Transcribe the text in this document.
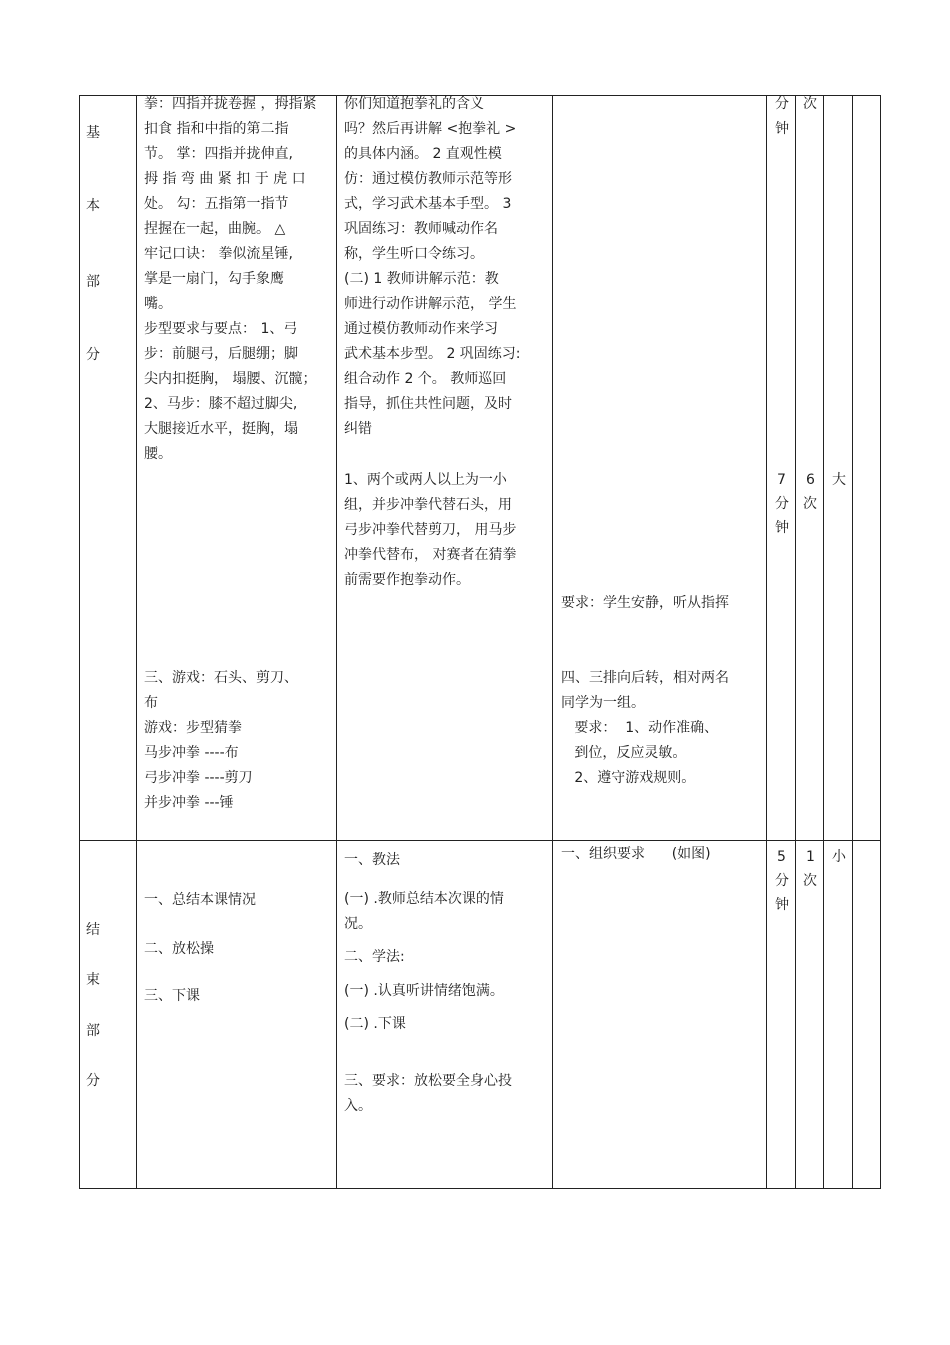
基
本
部
分
拳：四指并拢卷握 ，拇指紧
扣食 指和中指的第二指
节。 掌：四指并拢伸直,
拇 指 弯 曲 紧 扣 于 虎 口
处。 勾：五指第一指节
捏握在一起，曲腕。 △
牢记口诀： 拳似流星锤,
掌是一扇门，勾手象鹰
嘴。
步型要求与要点： 1、弓
步：前腿弓，后腿绷；脚
尖内扣挺胸， 塌腰、沉髋；
2、马步：膝不超过脚尖,
大腿接近水平，挺胸，塌
腰。
三、游戏：石头、剪刀、
布
游戏：步型猜拳
马步冲拳 ----布
弓步冲拳 ----剪刀
并步冲拳 ---锤
你们知道抱拳礼的含义
吗？然后再讲解 <抱拳礼 >
的具体内涵。 2 直观性模
仿：通过模仿教师示范等形
式，学习武术基本手型。 3
巩固练习：教师喊动作名
称，学生听口令练习。
(二) 1 教师讲解示范：教
师进行动作讲解示范， 学生
通过模仿教师动作来学习
武术基本步型。 2 巩固练习:
组合动作 2 个。 教师巡回
指导，抓住共性问题，及时
纠错
1、两个或两人以上为一小
组，并步冲拳代替石头，用
弓步冲拳代替剪刀， 用马步
冲拳代替布， 对赛者在猜拳
前需要作抱拳动作。
要求：学生安静，听从指挥
四、三排向后转，相对两名
同学为一组。
要求：  1、动作准确、
到位，反应灵敏。
2、遵守游戏规则。
分
钟
次
7
分
钟
6
次
大
结
束
部
分
一、总结本课情况
二、放松操
三、下课
一、教法
(一) .教师总结本次课的情
况。
二、学法:
(一) .认真听讲情绪饱满。
(二) .下课
三、要求：放松要全身心投
入。
一、组织要求      (如图)	5
分
钟
1
次
小
